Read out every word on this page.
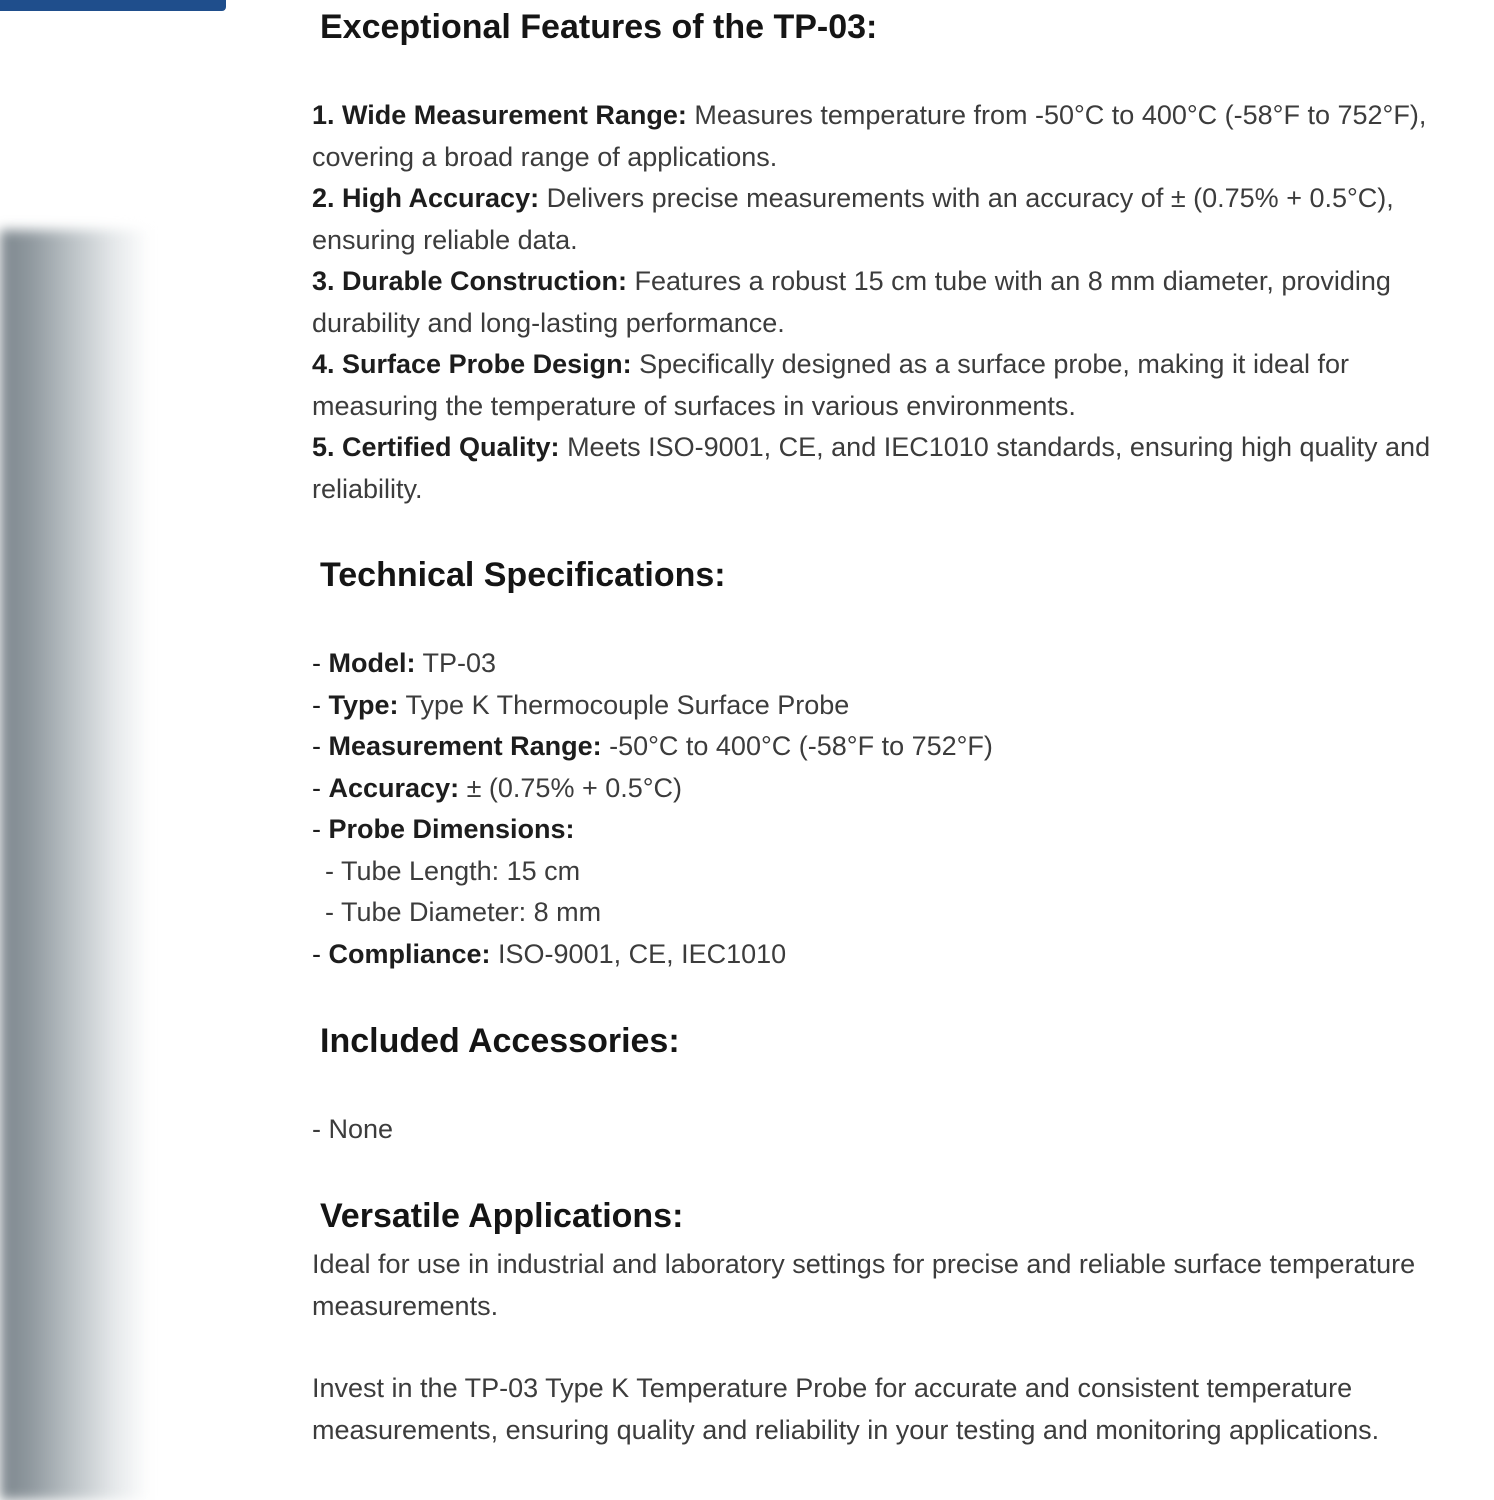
Exceptional Features of the TP-03:

1. Wide Measurement Range: Measures temperature from -50°C to 400°C (-58°F to 752°F), covering a broad range of applications.

2. High Accuracy: Delivers precise measurements with an accuracy of ± (0.75% + 0.5°C), ensuring reliable data.

3. Durable Construction: Features a robust 15 cm tube with an 8 mm diameter, providing durability and long-lasting performance.

4. Surface Probe Design: Specifically designed as a surface probe, making it ideal for measuring the temperature of surfaces in various environments.

5. Certified Quality: Meets ISO-9001, CE, and IEC1010 standards, ensuring high quality and reliability.

Technical Specifications:

- Model: TP-03

- Type: Type K Thermocouple Surface Probe

- Measurement Range: -50°C to 400°C (-58°F to 752°F)

- Accuracy: ± (0.75% + 0.5°C)

- Probe Dimensions:

- Tube Length: 15 cm

- Tube Diameter: 8 mm

- Compliance: ISO-9001, CE, IEC1010

Included Accessories:

- None

Versatile Applications:

Ideal for use in industrial and laboratory settings for precise and reliable surface temperature measurements.

Invest in the TP-03 Type K Temperature Probe for accurate and consistent temperature measurements, ensuring quality and reliability in your testing and monitoring applications.
